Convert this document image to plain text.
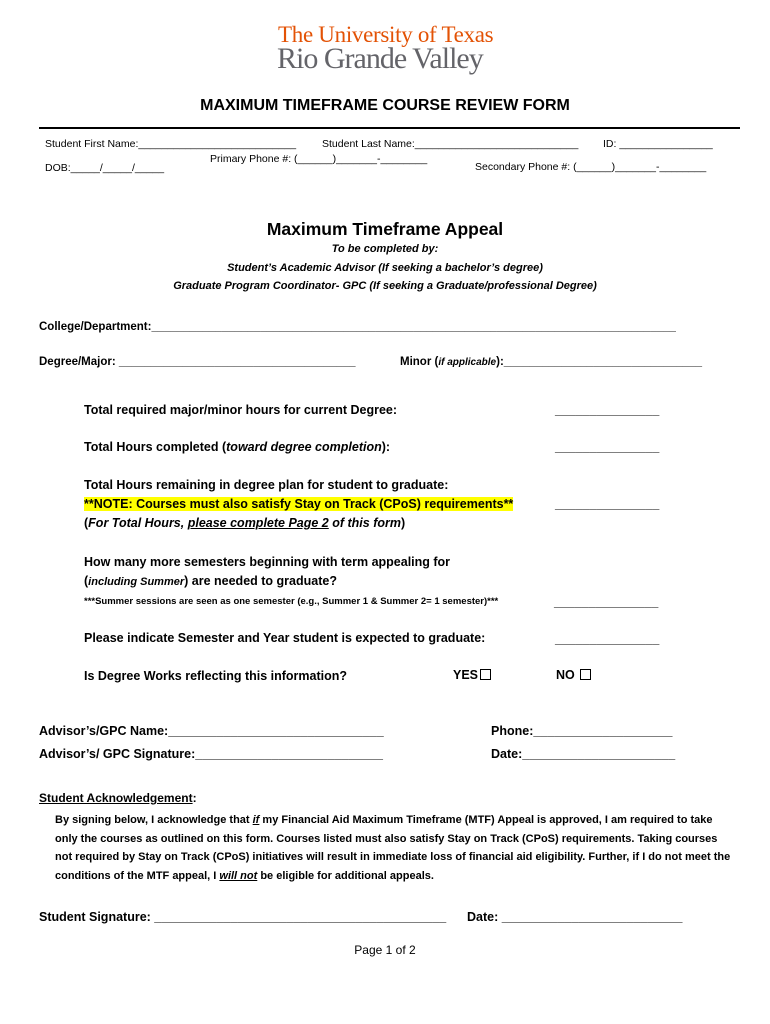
The University of Texas
Rio Grande Valley
MAXIMUM TIMEFRAME COURSE REVIEW FORM
Student First Name:___________________________ Student Last Name:____________________________ ID: ________________
Primary Phone #: (______)_______-________
DOB:_____/_____/_____	Secondary Phone #: (______)_______-________
Maximum Timeframe Appeal
To be completed by:
Student’s Academic Advisor (If seeking a bachelor’s degree)
Graduate Program Coordinator- GPC (If seeking a Graduate/professional Degree)
College/Department:__________________________________________________________________________________
Degree/Major: _____________________________________	Minor (if applicable):_______________________________
Total required major/minor hours for current Degree:	_______________
Total Hours completed (toward degree completion):	_______________
Total Hours remaining in degree plan for student to graduate:
**NOTE: Courses must also satisfy Stay on Track (CPoS) requirements**	_______________
(For Total Hours, please complete Page 2 of this form)
How many more semesters beginning with term appealing for
(including Summer) are needed to graduate?
***Summer sessions are seen as one semester (e.g., Summer 1 & Summer 2= 1 semester)***	_______________
Please indicate Semester and Year student is expected to graduate:	_______________
Is Degree Works reflecting this information?	YES	NO
Advisor’s/GPC Name:_______________________________
Advisor’s/ GPC Signature:___________________________
Phone:____________________
Date:______________________
Student Acknowledgement:
By signing below, I acknowledge that if my Financial Aid Maximum Timeframe (MTF) Appeal is approved, I am required to take only the courses as outlined on this form. Courses listed must also satisfy Stay on Track (CPoS) requirements. Taking courses not required by Stay on Track (CPoS) initiatives will result in immediate loss of financial aid eligibility. Further, if I do not meet the conditions of the MTF appeal, I will not be eligible for additional appeals.
Student Signature: __________________________________________ Date: __________________________
Page 1 of 2
